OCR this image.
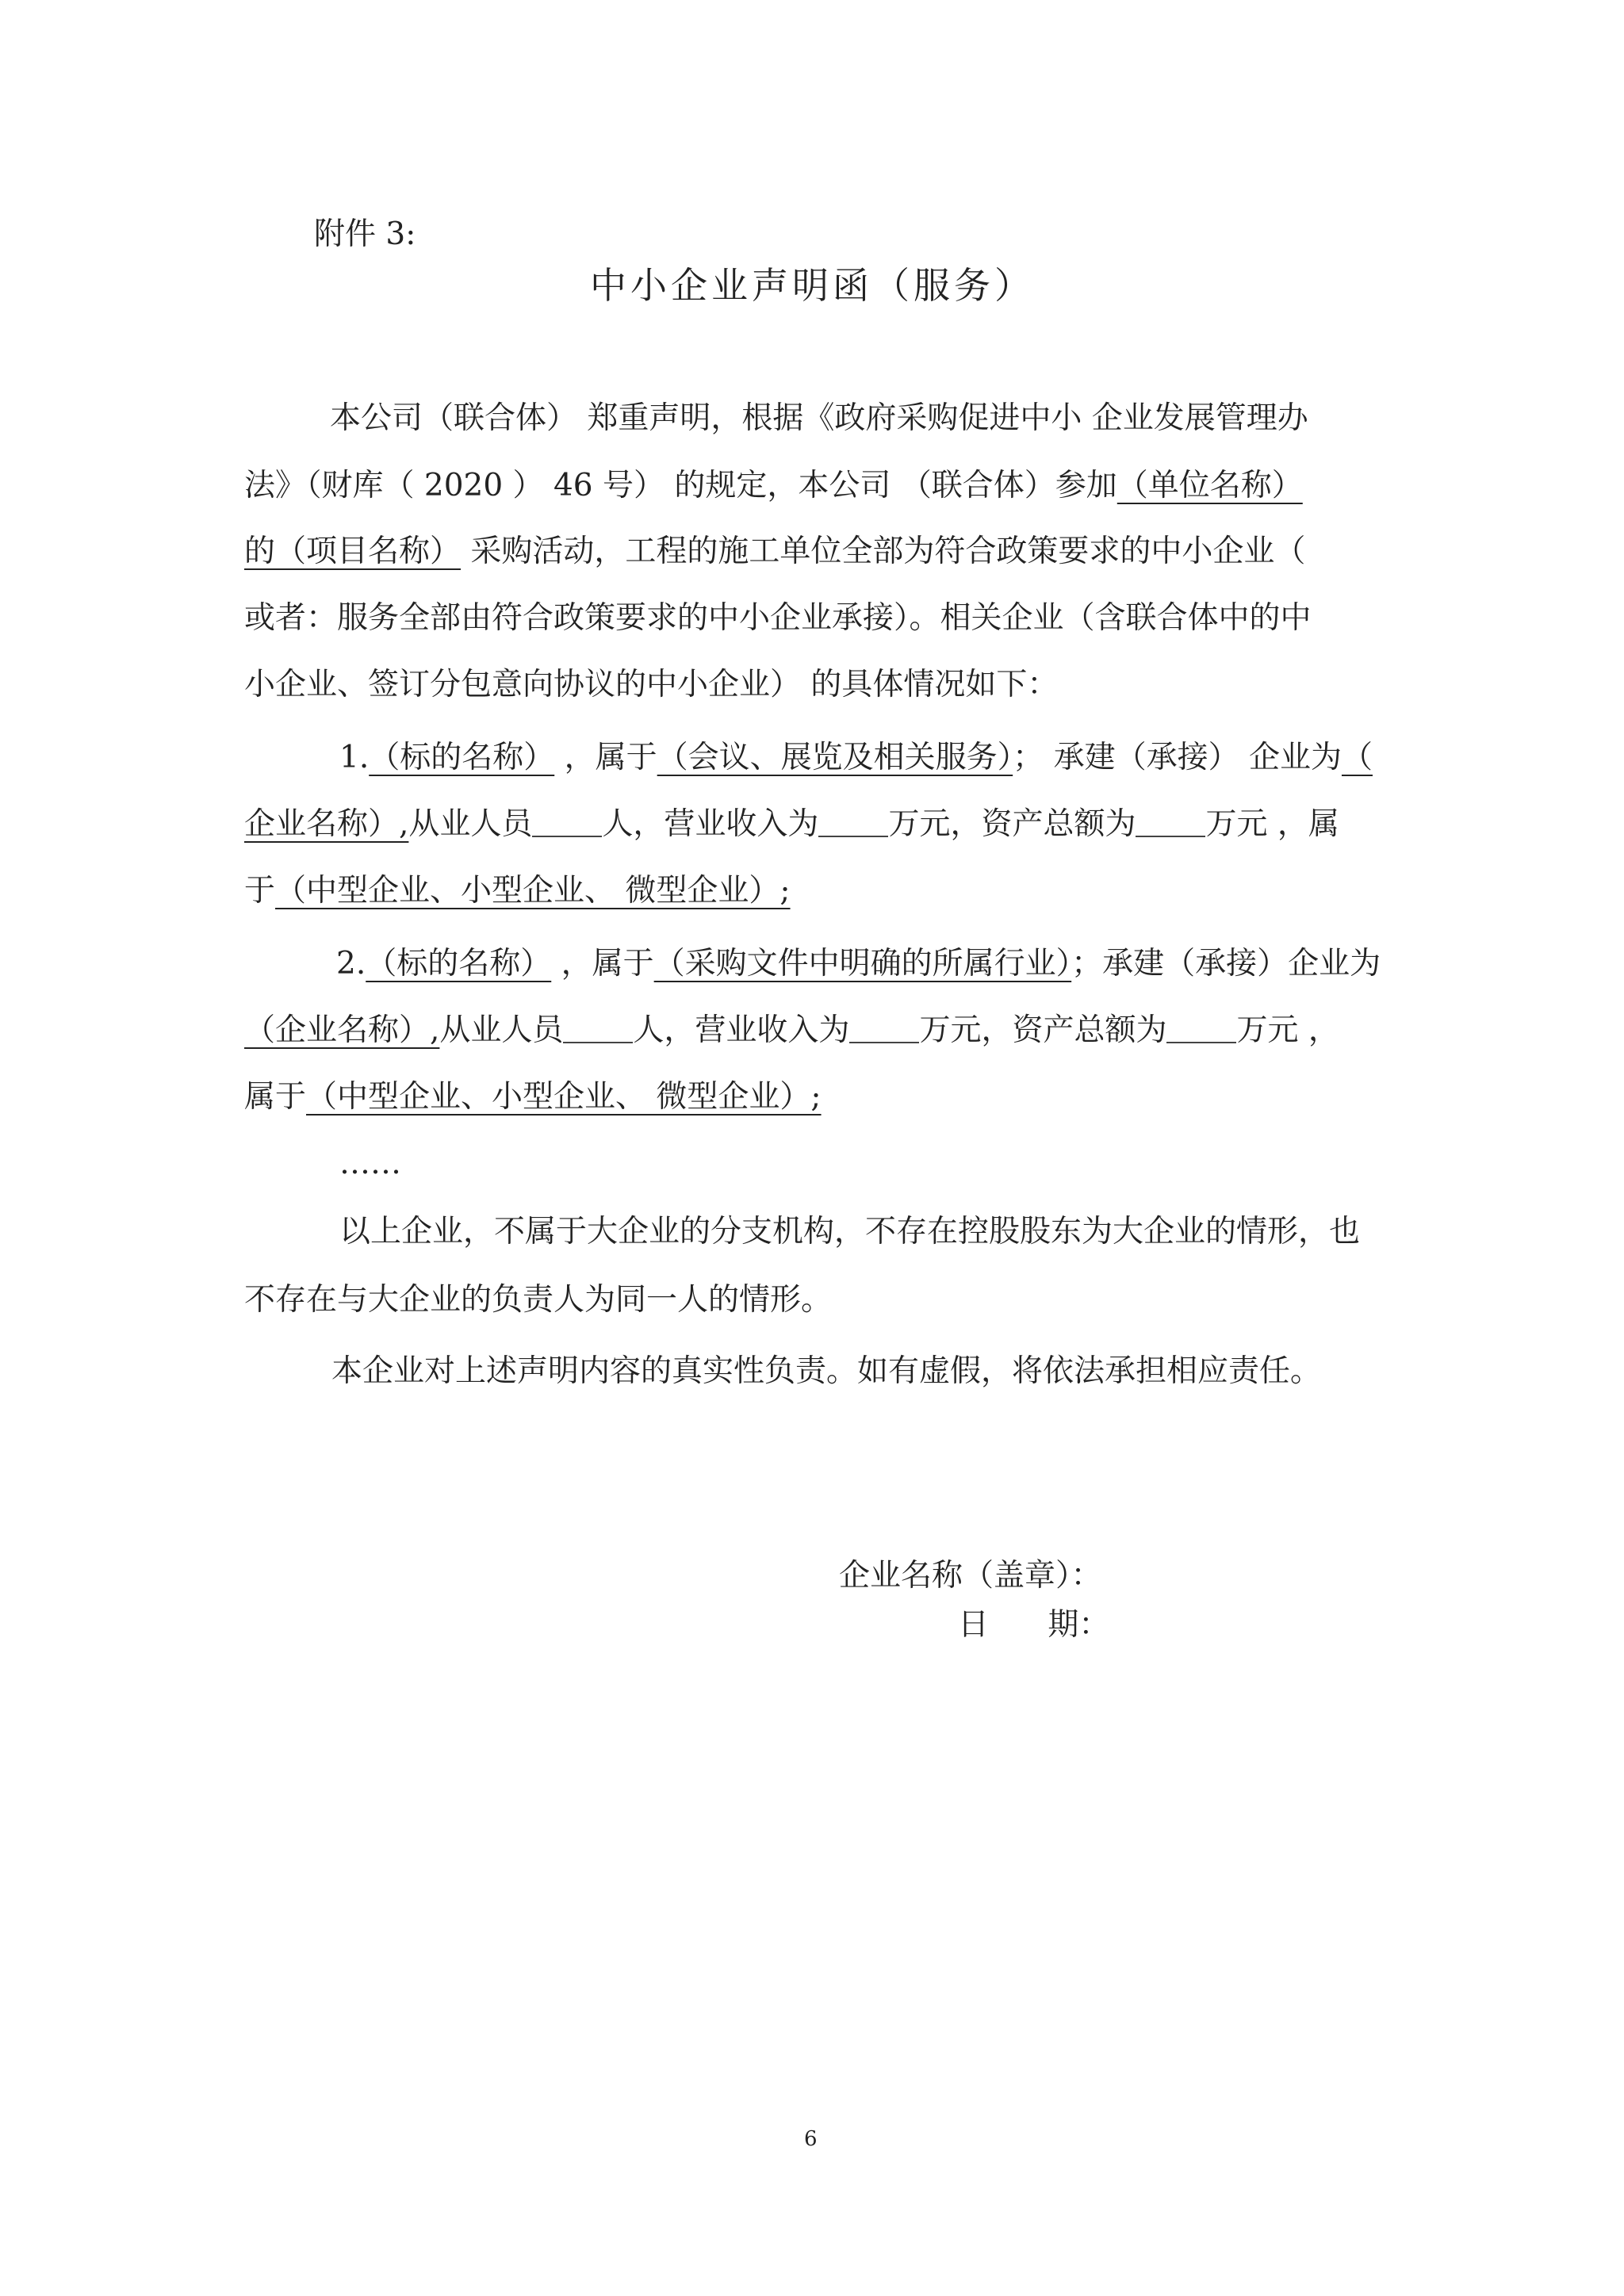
附件 3:
中小企业声明函（服务）
本公司（联合体） 郑重声明，根据《政府采购促进中小 企业发展管理办
法》（财库（ 2020 ） 46 号） 的规定，本公司 （联合体）参加（单位名称）
的（项目名称） 采购活动，工程的施工单位全部为符合政策要求的中小企业（
或者：服务全部由符合政策要求的中小企业承接）。相关企业（含联合体中的中
小企业、签订分包意向协议的中小企业） 的具体情况如下：
1.（标的名称） ，属于（会议、展览及相关服务）； 承建（承接） 企业为（
企业名称）,从业人员 人，营业收入为 万元，资产总额为 万元 ，属
于（中型企业、小型企业、 微型企业）;
2.（标的名称） ，属于（采购文件中明确的所属行业）；承建（承接）企业为
（企业名称）,从业人员 人，营业收入为 万元，资产总额为 万元 ，
属于（中型企业、小型企业、 微型企业）;
……
以上企业，不属于大企业的分支机构，不存在控股股东为大企业的情形，也
不存在与大企业的负责人为同一人的情形。
本企业对上述声明内容的真实性负责。如有虚假，将依法承担相应责任。
企业名称（盖章）：
日      期：
6
